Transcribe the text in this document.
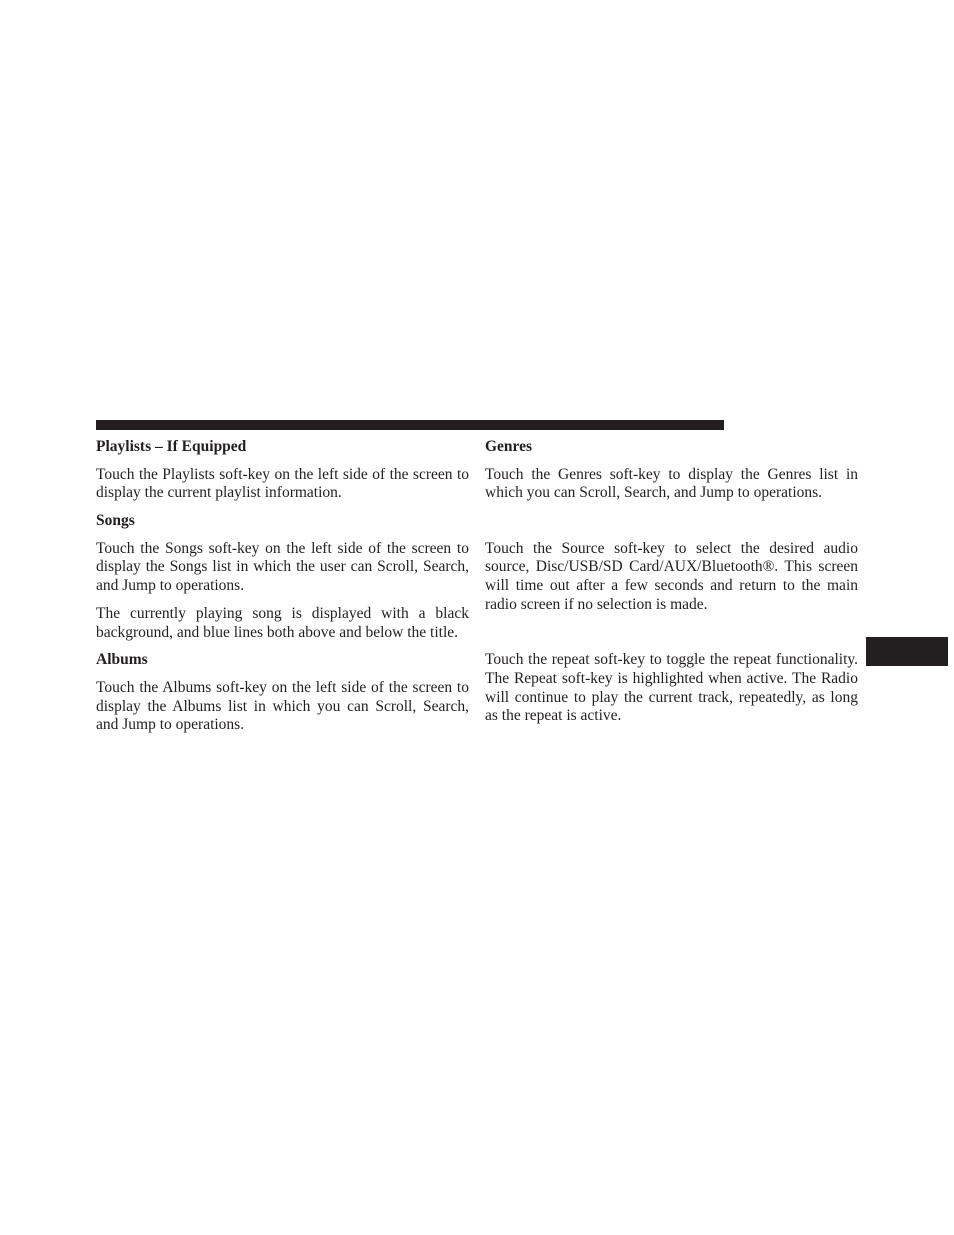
Playlists – If Equipped
Touch the Playlists soft-key on the left side of the screen to display the current playlist information.
Songs
Touch the Songs soft-key on the left side of the screen to display the Songs list in which the user can Scroll, Search, and Jump to operations.
The currently playing song is displayed with a black background, and blue lines both above and below the title.
Albums
Touch the Albums soft-key on the left side of the screen to display the Albums list in which you can Scroll, Search, and Jump to operations.
Genres
Touch the Genres soft-key to display the Genres list in which you can Scroll, Search, and Jump to operations.
Touch the Source soft-key to select the desired audio source, Disc/USB/SD Card/AUX/Bluetooth®. This screen will time out after a few seconds and return to the main radio screen if no selection is made.
Touch the repeat soft-key to toggle the repeat functionality. The Repeat soft-key is highlighted when active. The Radio will continue to play the current track, repeatedly, as long as the repeat is active.
